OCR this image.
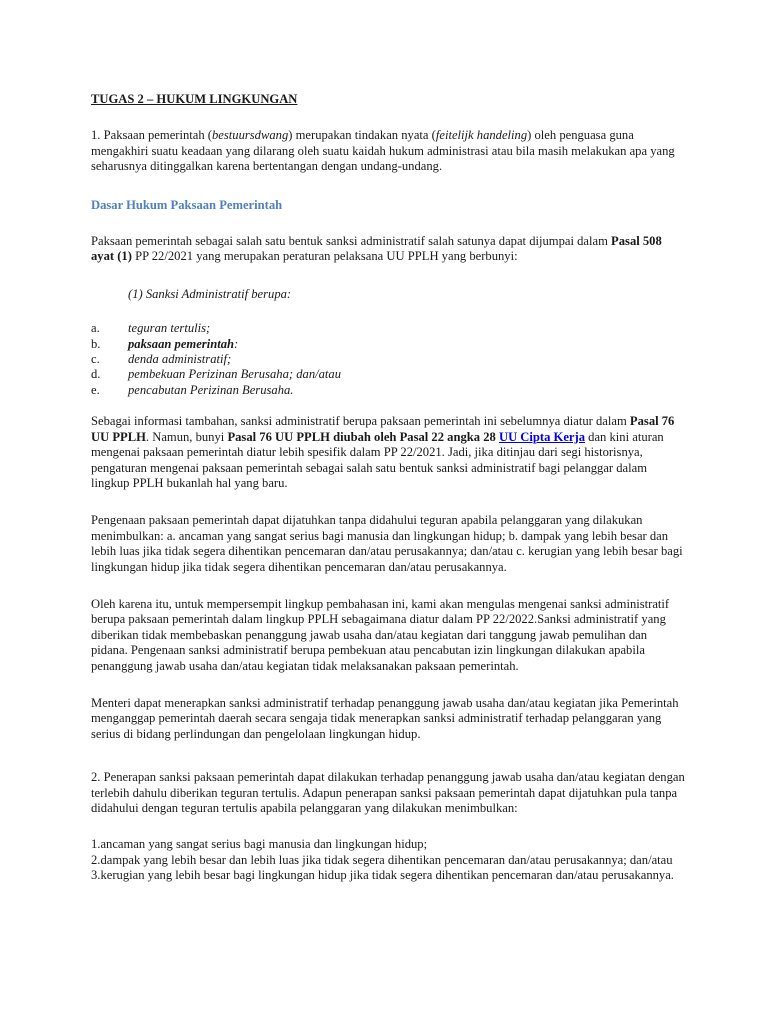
TUGAS 2 – HUKUM LINGKUNGAN

1. Paksaan pemerintah (bestuursdwang) merupakan tindakan nyata (feitelijk handeling) oleh penguasa guna mengakhiri suatu keadaan yang dilarang oleh suatu kaidah hukum administrasi atau bila masih melakukan apa yang seharusnya ditinggalkan karena bertentangan dengan undang-undang.

Dasar Hukum Paksaan Pemerintah

Paksaan pemerintah sebagai salah satu bentuk sanksi administratif salah satunya dapat dijumpai dalam Pasal 508 ayat (1) PP 22/2021 yang merupakan peraturan pelaksana UU PPLH yang berbunyi:

(1) Sanksi Administratif berupa:

a. teguran tertulis;
b. paksaan pemerintah:
c. denda administratif;
d. pembekuan Perizinan Berusaha; dan/atau
e. pencabutan Perizinan Berusaha.

Sebagai informasi tambahan, sanksi administratif berupa paksaan pemerintah ini sebelumnya diatur dalam Pasal 76 UU PPLH. Namun, bunyi Pasal 76 UU PPLH diubah oleh Pasal 22 angka 28 UU Cipta Kerja dan kini aturan mengenai paksaan pemerintah diatur lebih spesifik dalam PP 22/2021. Jadi, jika ditinjau dari segi historisnya, pengaturan mengenai paksaan pemerintah sebagai salah satu bentuk sanksi administratif bagi pelanggar dalam lingkup PPLH bukanlah hal yang baru.

Pengenaan paksaan pemerintah dapat dijatuhkan tanpa didahului teguran apabila pelanggaran yang dilakukan menimbulkan: a. ancaman yang sangat serius bagi manusia dan lingkungan hidup; b. dampak yang lebih besar dan lebih luas jika tidak segera dihentikan pencemaran dan/atau perusakannya; dan/atau c. kerugian yang lebih besar bagi lingkungan hidup jika tidak segera dihentikan pencemaran dan/atau perusakannya.

Oleh karena itu, untuk mempersempit lingkup pembahasan ini, kami akan mengulas mengenai sanksi administratif berupa paksaan pemerintah dalam lingkup PPLH sebagaimana diatur dalam PP 22/2022.Sanksi administratif yang diberikan tidak membebaskan penanggung jawab usaha dan/atau kegiatan dari tanggung jawab pemulihan dan pidana. Pengenaan sanksi administratif berupa pembekuan atau pencabutan izin lingkungan dilakukan apabila penanggung jawab usaha dan/atau kegiatan tidak melaksanakan paksaan pemerintah.

Menteri dapat menerapkan sanksi administratif terhadap penanggung jawab usaha dan/atau kegiatan jika Pemerintah menganggap pemerintah daerah secara sengaja tidak menerapkan sanksi administratif terhadap pelanggaran yang serius di bidang perlindungan dan pengelolaan lingkungan hidup.

2. Penerapan sanksi paksaan pemerintah dapat dilakukan terhadap penanggung jawab usaha dan/atau kegiatan dengan terlebih dahulu diberikan teguran tertulis. Adapun penerapan sanksi paksaan pemerintah dapat dijatuhkan pula tanpa didahului dengan teguran tertulis apabila pelanggaran yang dilakukan menimbulkan:

1.ancaman yang sangat serius bagi manusia dan lingkungan hidup;
2.dampak yang lebih besar dan lebih luas jika tidak segera dihentikan pencemaran dan/atau perusakannya; dan/atau
3.kerugian yang lebih besar bagi lingkungan hidup jika tidak segera dihentikan pencemaran dan/atau perusakannya.
